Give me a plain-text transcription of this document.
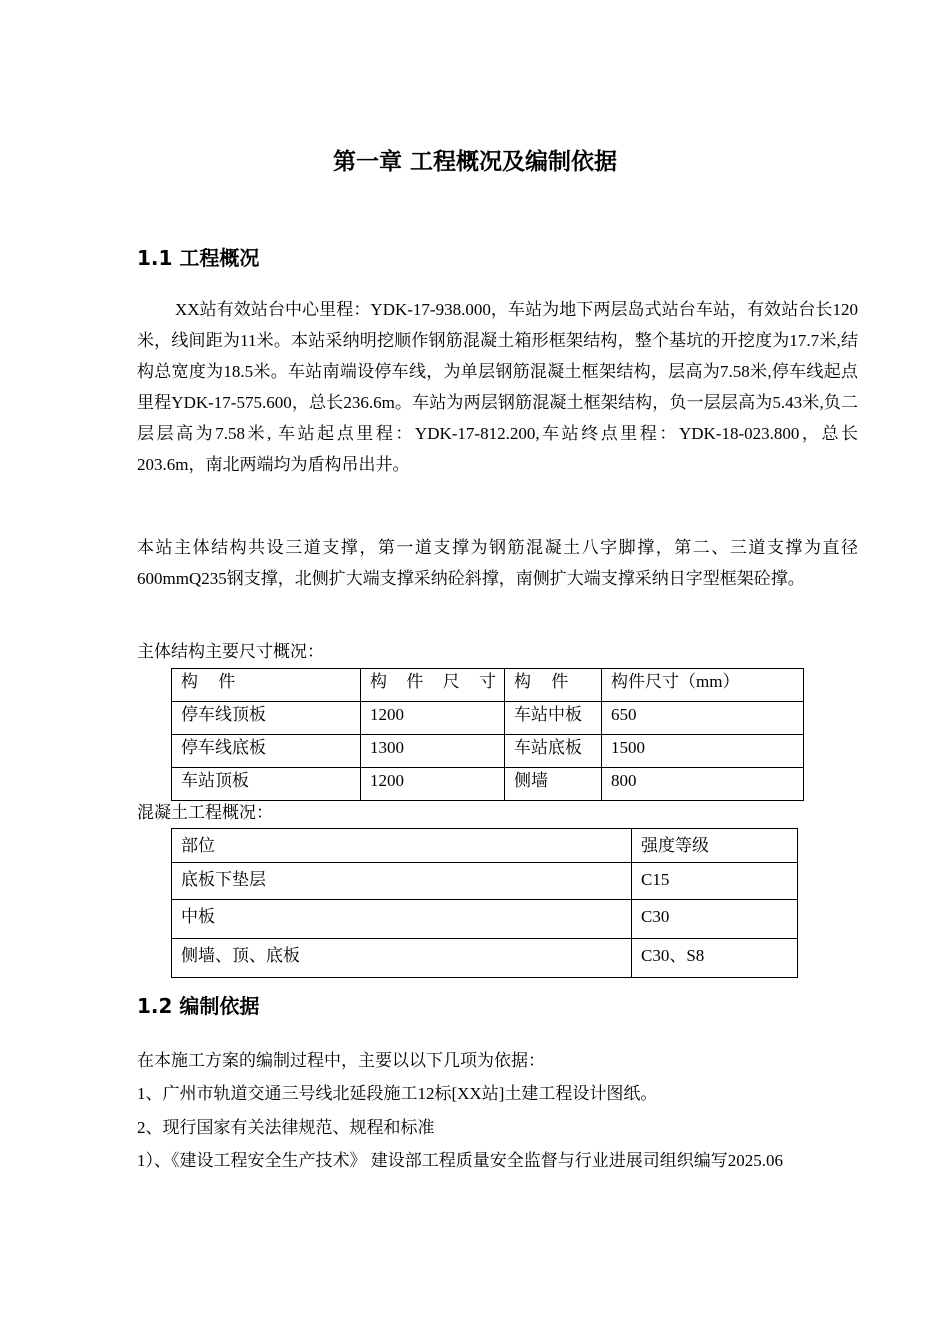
第一章 工程概况及编制依据
1.1 工程概况
XX站有效站台中心里程：YDK-17-938.000，车站为地下两层岛式站台车站，有效站台长120米，线间距为11米。本站采纳明挖顺作钢筋混凝土箱形框架结构，整个基坑的开挖度为17.7米,结构总宽度为18.5米。车站南端设停车线，为单层钢筋混凝土框架结构，层高为7.58米,停车线起点里程YDK-17-575.600，总长236.6m。车站为两层钢筋混凝土框架结构，负一层层高为5.43米,负二层层高为7.58米, 车站起点里程：YDK-17-812.200,车站终点里程：YDK-18-023.800，总长203.6m，南北两端均为盾构吊出井。
本站主体结构共设三道支撑，第一道支撑为钢筋混凝土八字脚撑，第二、三道支撑为直径600mmQ235钢支撑，北侧扩大端支撑采纳砼斜撑，南侧扩大端支撑采纳日字型框架砼撑。
主体结构主要尺寸概况：
构 件	构 件 尺 寸	构 件	构件尺寸（mm）
停车线顶板	1200	车站中板	650
停车线底板	1300	车站底板	1500
车站顶板	1200	侧墙	800
混凝土工程概况：
部位	强度等级
底板下垫层	C15
中板	C30
侧墙、顶、底板	C30、S8
1.2 编制依据
在本施工方案的编制过程中，主要以以下几项为依据：
1、广州市轨道交通三号线北延段施工12标[XX站]土建工程设计图纸。
2、现行国家有关法律规范、规程和标准
1）、《建设工程安全生产技术》 建设部工程质量安全监督与行业进展司组织编写2025.06
